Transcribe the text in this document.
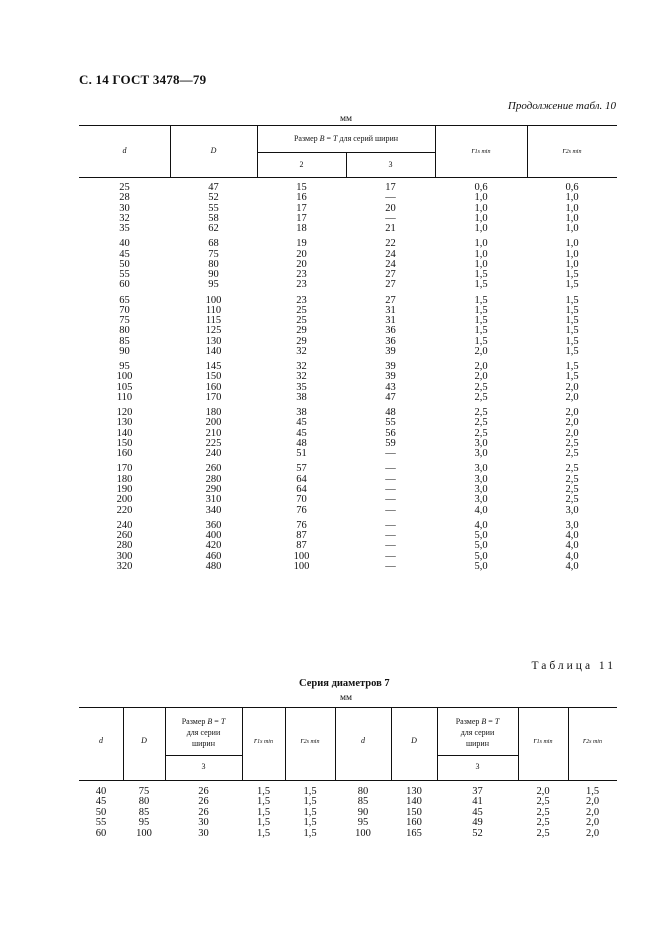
С. 14 ГОСТ 3478—79
Продолжение табл. 10
мм
d	D
Размер B = T для серий ширин
2	3
r1s min	r2s min
25	47	15	17	0,6	0,6
28	52	16	—	1,0	1,0
30	55	17	20	1,0	1,0
32	58	17	—	1,0	1,0
35	62	18	21	1,0	1,0
40	68	19	22	1,0	1,0
45	75	20	24	1,0	1,0
50	80	20	24	1,0	1,0
55	90	23	27	1,5	1,5
60	95	23	27	1,5	1,5
65	100	23	27	1,5	1,5
70	110	25	31	1,5	1,5
75	115	25	31	1,5	1,5
80	125	29	36	1,5	1,5
85	130	29	36	1,5	1,5
90	140	32	39	2,0	1,5
95	145	32	39	2,0	1,5
100	150	32	39	2,0	1,5
105	160	35	43	2,5	2,0
110	170	38	47	2,5	2,0
120	180	38	48	2,5	2,0
130	200	45	55	2,5	2,0
140	210	45	56	2,5	2,0
150	225	48	59	3,0	2,5
160	240	51	—	3,0	2,5
170	260	57	—	3,0	2,5
180	280	64	—	3,0	2,5
190	290	64	—	3,0	2,5
200	310	70	—	3,0	2,5
220	340	76	—	4,0	3,0
240	360	76	—	4,0	3,0
260	400	87	—	5,0	4,0
280	420	87	—	5,0	4,0
300	460	100	—	5,0	4,0
320	480	100	—	5,0	4,0
Таблица 11
Серия диаметров 7
мм
d	D
Размер B = T
для серии
ширин
3
r1s min	r2s min	d	D
Размер B = T
для серии
ширин
3
r1s min	r2s min
40	75	26	1,5	1,5	80	130	37	2,0	1,5
45	80	26	1,5	1,5	85	140	41	2,5	2,0
50	85	26	1,5	1,5	90	150	45	2,5	2,0
55	95	30	1,5	1,5	95	160	49	2,5	2,0
60	100	30	1,5	1,5	100	165	52	2,5	2,0
